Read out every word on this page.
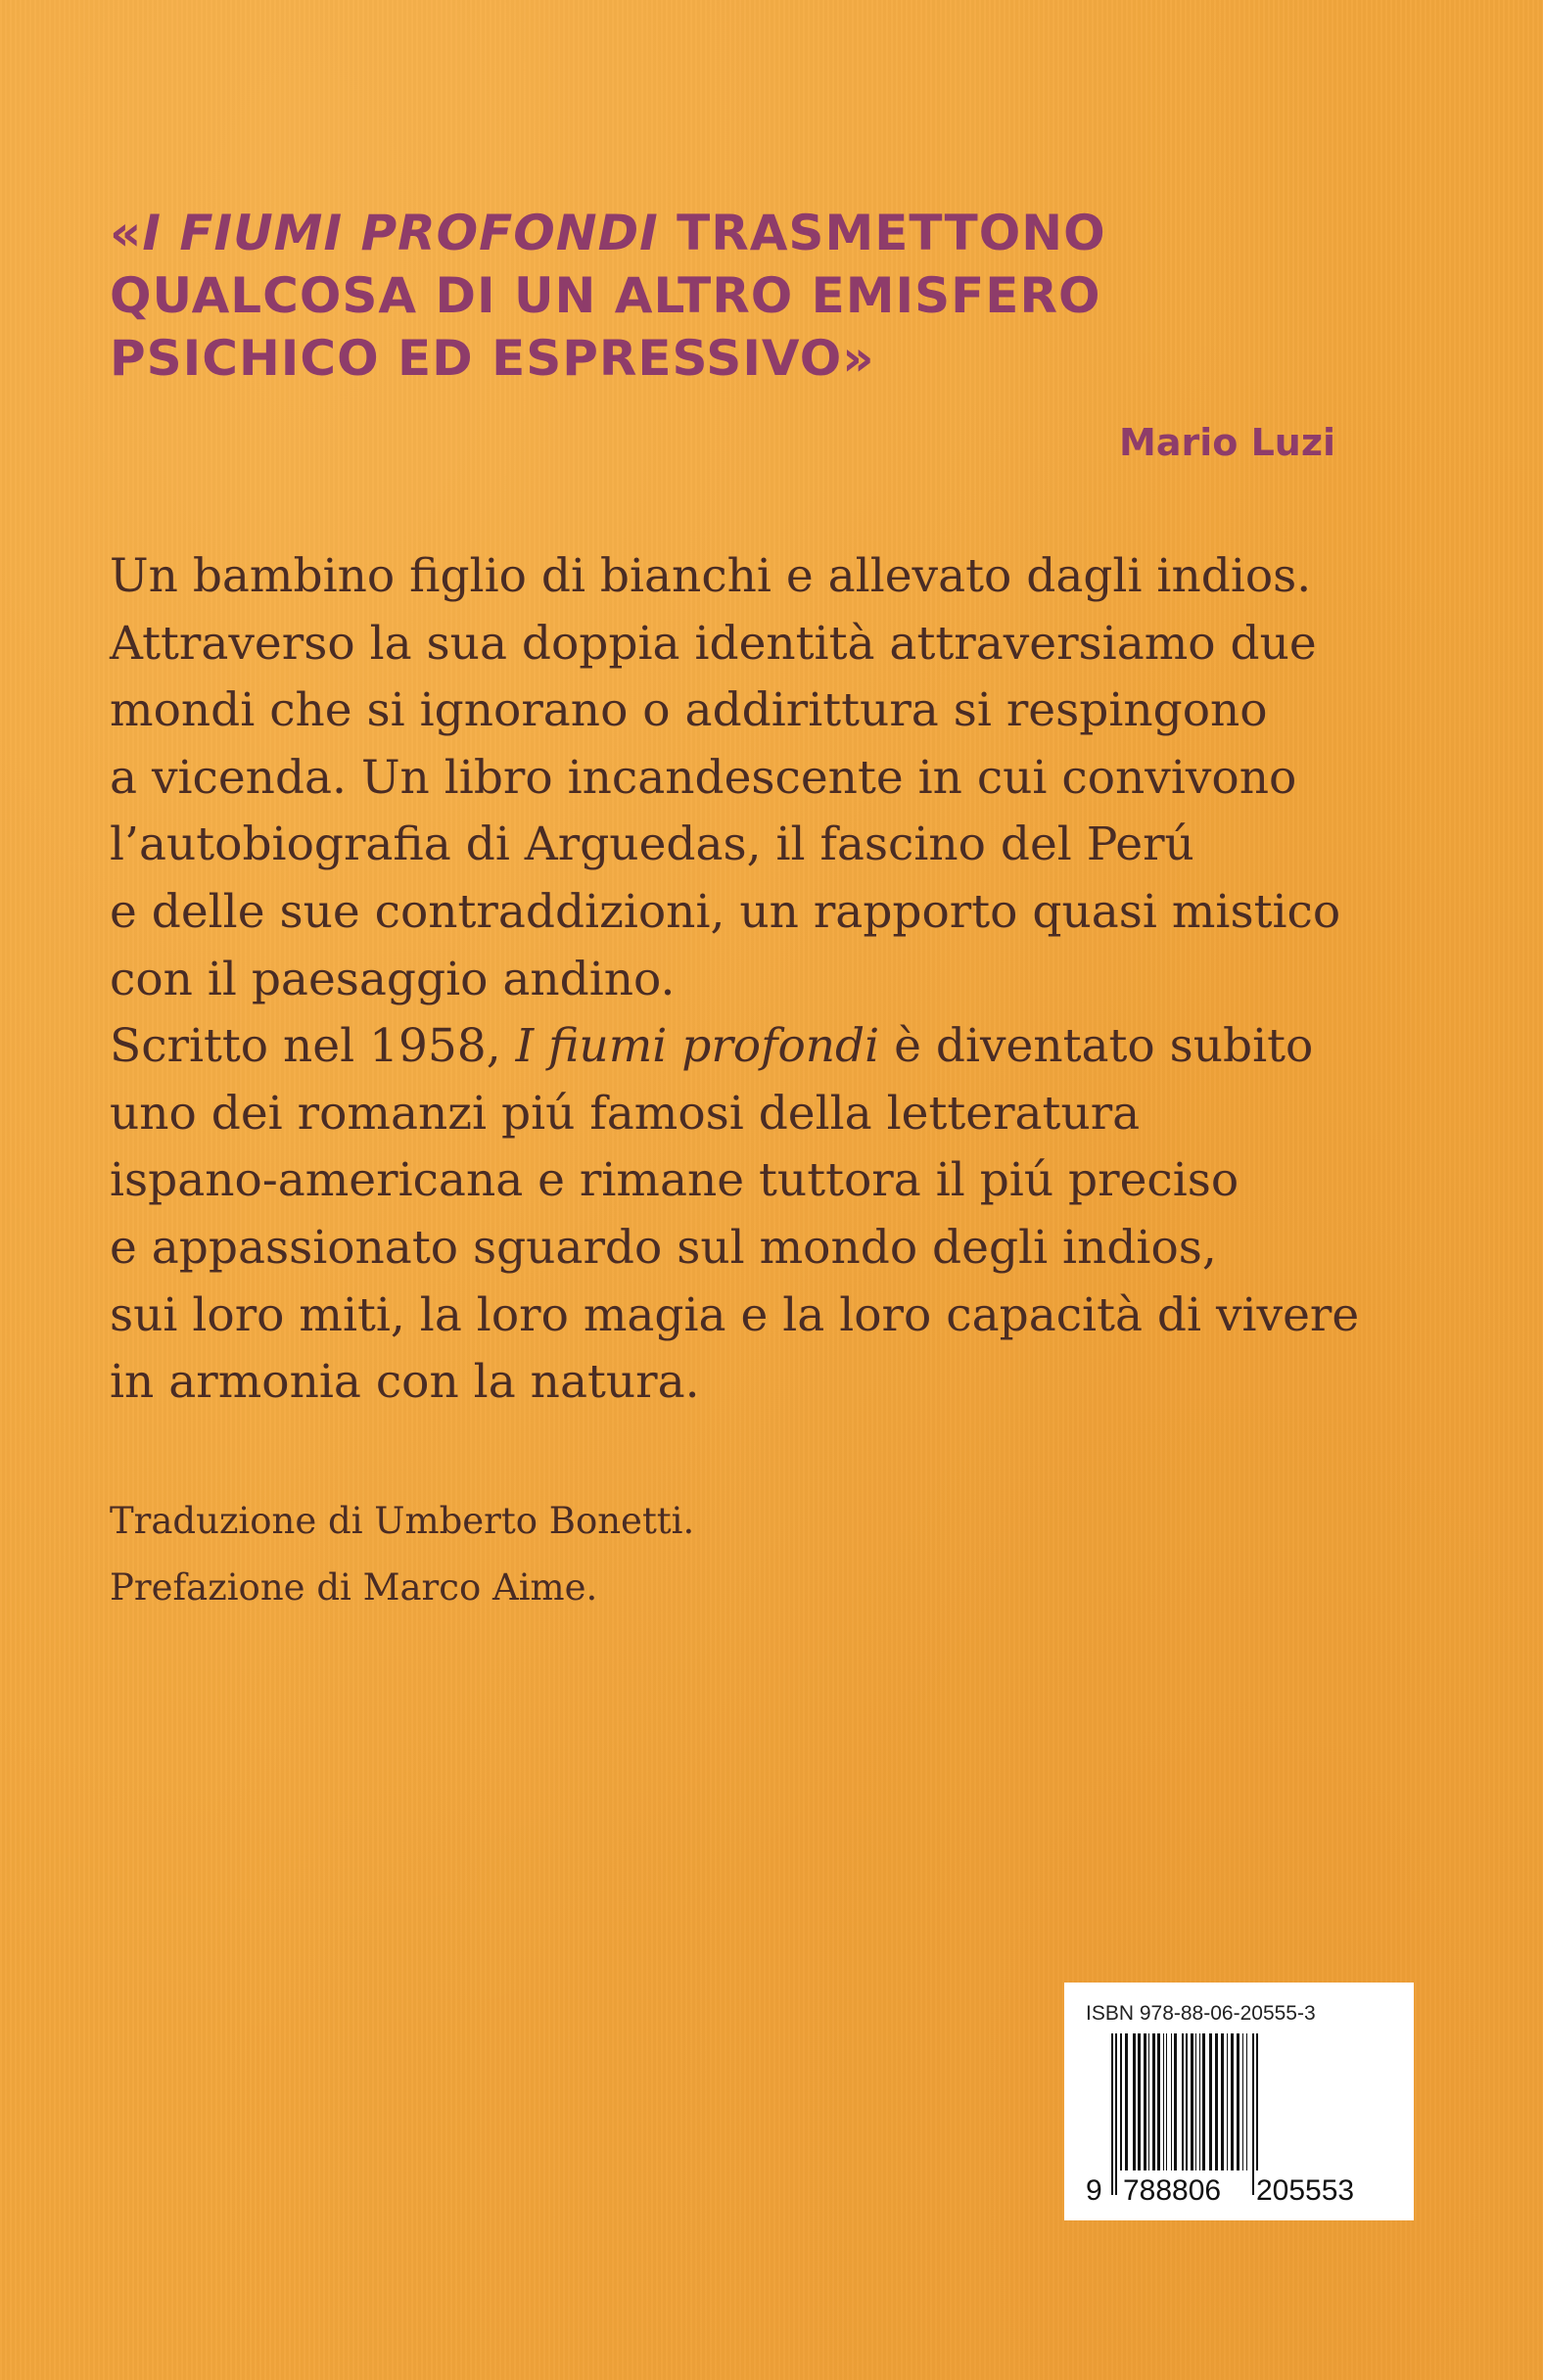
«I FIUMI PROFONDI TRASMETTONO
QUALCOSA DI UN ALTRO EMISFERO
PSICHICO ED ESPRESSIVO»
Mario Luzi
Un bambino figlio di bianchi e allevato dagli indios.
Attraverso la sua doppia identità attraversiamo due
mondi che si ignorano o addirittura si respingono
a vicenda. Un libro incandescente in cui convivono
l’autobiografia di Arguedas, il fascino del Perú
e delle sue contraddizioni, un rapporto quasi mistico
con il paesaggio andino.
Scritto nel 1958, I fiumi profondi è diventato subito
uno dei romanzi piú famosi della letteratura
ispano-americana e rimane tuttora il piú preciso
e appassionato sguardo sul mondo degli indios,
sui loro miti, la loro magia e la loro capacità di vivere
in armonia con la natura.
Traduzione di Umberto Bonetti.
Prefazione di Marco Aime.
ISBN 978-88-06-20555-3
9 788806 205553
